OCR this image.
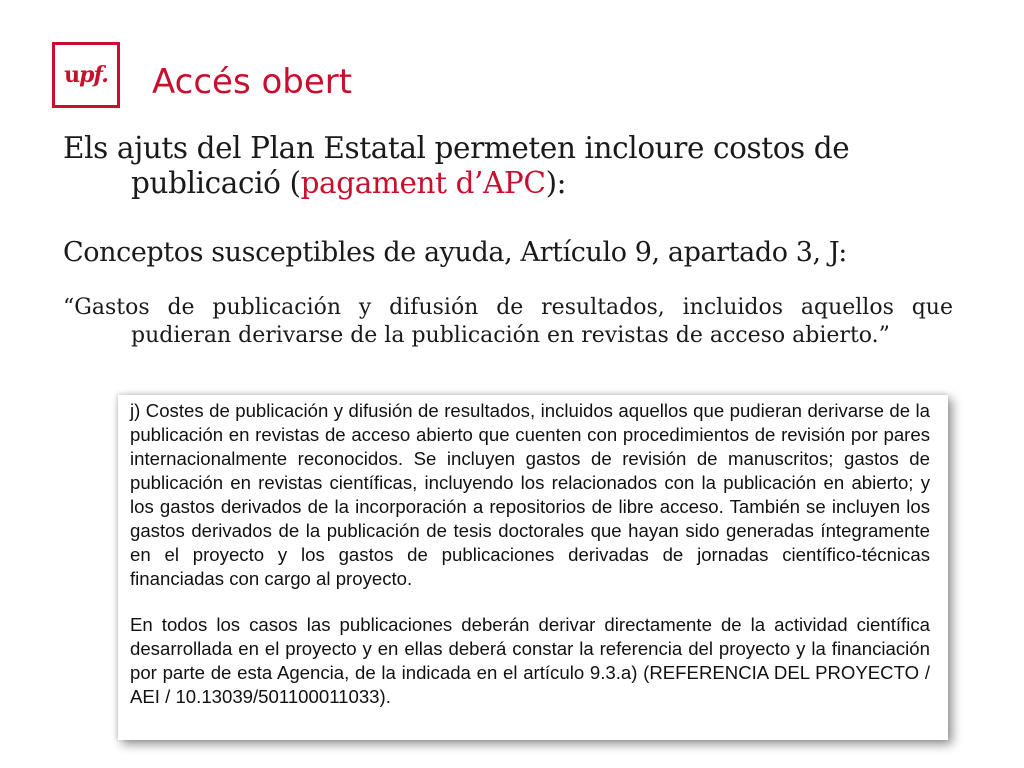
upf. Accés obert

Els ajuts del Plan Estatal permeten incloure costos de publicació (pagament d’APC):

Conceptos susceptibles de ayuda, Artículo 9, apartado 3, J:

“Gastos de publicación y difusión de resultados, incluidos aquellos que pudieran derivarse de la publicación en revistas de acceso abierto.”

j) Costes de publicación y difusión de resultados, incluidos aquellos que pudieran derivarse de la publicación en revistas de acceso abierto que cuenten con procedimientos de revisión por pares internacionalmente reconocidos. Se incluyen gastos de revisión de manuscritos; gastos de publicación en revistas científicas, incluyendo los relacionados con la publicación en abierto; y los gastos derivados de la incorporación a repositorios de libre acceso. También se incluyen los gastos derivados de la publicación de tesis doctorales que hayan sido generadas íntegramente en el proyecto y los gastos de publicaciones derivadas de jornadas científico-técnicas financiadas con cargo al proyecto.

En todos los casos las publicaciones deberán derivar directamente de la actividad científica desarrollada en el proyecto y en ellas deberá constar la referencia del proyecto y la financiación por parte de esta Agencia, de la indicada en el artículo 9.3.a) (REFERENCIA DEL PROYECTO / AEI / 10.13039/501100011033).
